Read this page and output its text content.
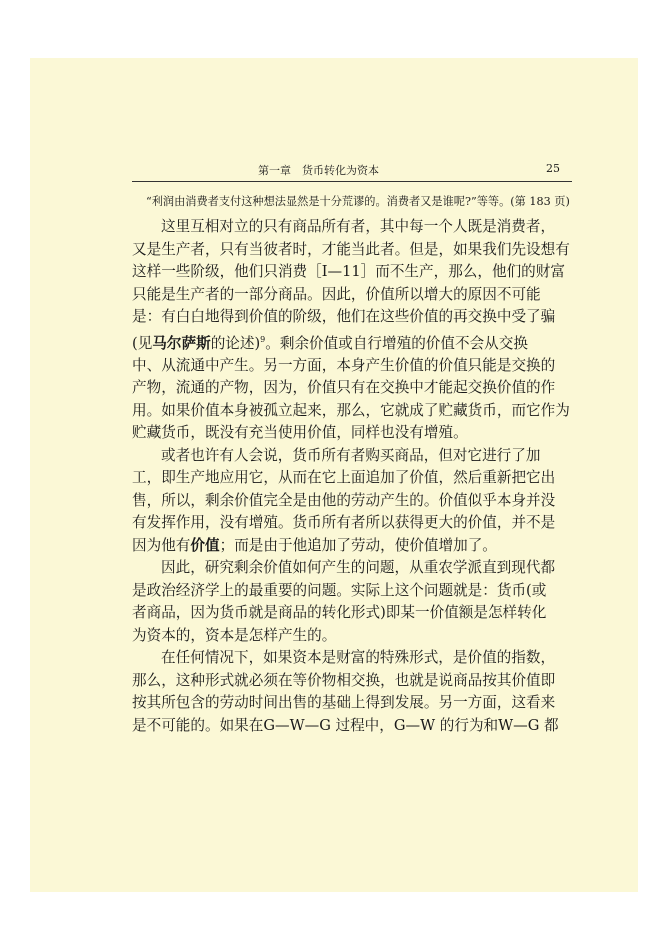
第一章　货币转化为资本	25
“利润由消费者支付这种想法显然是十分荒谬的。消费者又是谁呢?”等等。(第 183 页)

这里互相对立的只有商品所有者，其中每一个人既是消费者，
又是生产者，只有当彼者时，才能当此者。但是，如果我们先设想有
这样一些阶级，他们只消费［I—11］而不生产，那么，他们的财富
只能是生产者的一部分商品。因此，价值所以增大的原因不可能
是：有白白地得到价值的阶级，他们在这些价值的再交换中受了骗
(见马尔萨斯的论述)$^9$。剩余价值或自行增殖的价值不会从交换
中、从流通中产生。另一方面，本身产生价值的价值只能是交换的
产物，流通的产物，因为，价值只有在交换中才能起交换价值的作
用。如果价值本身被孤立起来，那么，它就成了贮藏货币，而它作为
贮藏货币，既没有充当使用价值，同样也没有增殖。

或者也许有人会说，货币所有者购买商品，但对它进行了加
工，即生产地应用它，从而在它上面追加了价值，然后重新把它出
售，所以，剩余价值完全是由他的劳动产生的。价值似乎本身并没
有发挥作用，没有增殖。货币所有者所以获得更大的价值，并不是
因为他有价值；而是由于他追加了劳动，使价值增加了。

因此，研究剩余价值如何产生的问题，从重农学派直到现代都
是政治经济学上的最重要的问题。实际上这个问题就是：货币(或
者商品，因为货币就是商品的转化形式)即某一价值额是怎样转化
为资本的，资本是怎样产生的。

在任何情况下，如果资本是财富的特殊形式，是价值的指数，
那么，这种形式就必须在等价物相交换，也就是说商品按其价值即
按其所包含的劳动时间出售的基础上得到发展。另一方面，这看来
是不可能的。如果在G—W—G 过程中，G—W 的行为和W—G 都
